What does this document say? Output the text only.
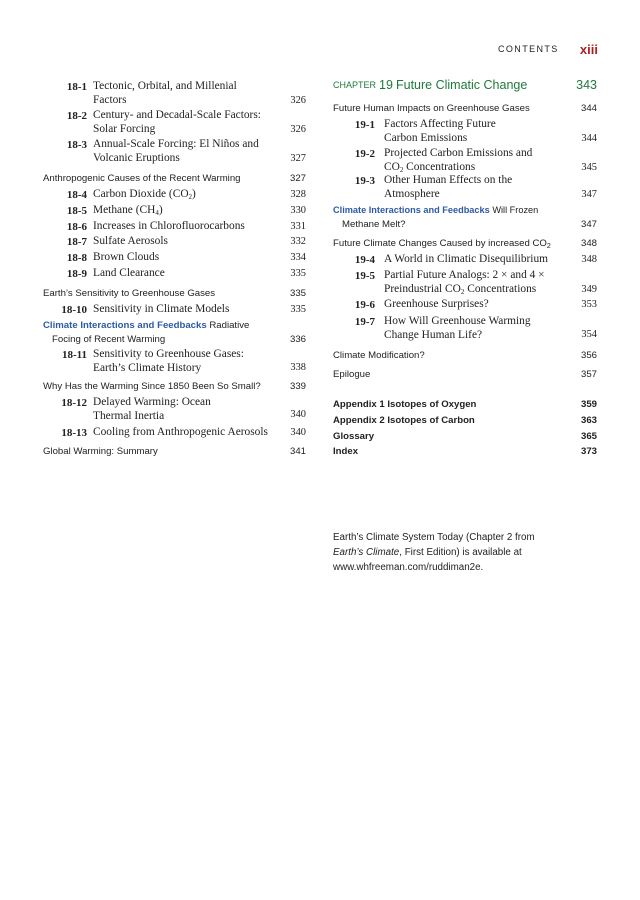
CONTENTS xiii
18-1 Tectonic, Orbital, and Millenial
Factors	326
18-2 Century- and Decadal-Scale Factors:
Solar Forcing	326
18-3 Annual-Scale Forcing: El Niños and
Volcanic Eruptions	327
Anthropogenic Causes of the Recent Warming	327
18-4 Carbon Dioxide $(CO_2)$	328
18-5 Methane $(CH_4)$	330
18-6 Increases in Chlorofluorocarbons	331
18-7 Sulfate Aerosols	332
18-8 Brown Clouds	334
18-9 Land Clearance	335
Earth’s Sensitivity to Greenhouse Gases	335
18-10 Sensitivity in Climate Models	335
Climate Interactions and Feedbacks Radiative
Focing of Recent Warming	336
18-11 Sensitivity to Greenhouse Gases:
Earth’s Climate History	338
Why Has the Warming Since 1850 Been So Small?	339
18-12 Delayed Warming: Ocean
Thermal Inertia	340
18-13 Cooling from Anthropogenic Aerosols	340
Global Warming: Summary	341
CHAPTER 19 Future Climatic Change	343
Future Human Impacts on Greenhouse Gases	344
19-1 Factors Affecting Future
Carbon Emissions	344
19-2 Projected Carbon Emissions and
$CO_2$ Concentrations	345
19-3 Other Human Effects on the
Atmosphere	347
Climate Interactions and Feedbacks Will Frozen
Methane Melt?	347
Future Climate Changes Caused by increased $CO_2$	348
19-4 A World in Climatic Disequilibrium	348
19-5 Partial Future Analogs: 2 × and 4 ×
Preindustrial $CO_2$ Concentrations	349
19-6 Greenhouse Surprises?	353
19-7 How Will Greenhouse Warming
Change Human Life?	354
Climate Modification?	356
Epilogue	357
Appendix 1 Isotopes of Oxygen	359
Appendix 2 Isotopes of Carbon	363
Glossary	365
Index	373
Earth’s Climate System Today (Chapter 2 from
Earth’s Climate, First Edition) is available at
www.whfreeman.com/ruddiman2e.
